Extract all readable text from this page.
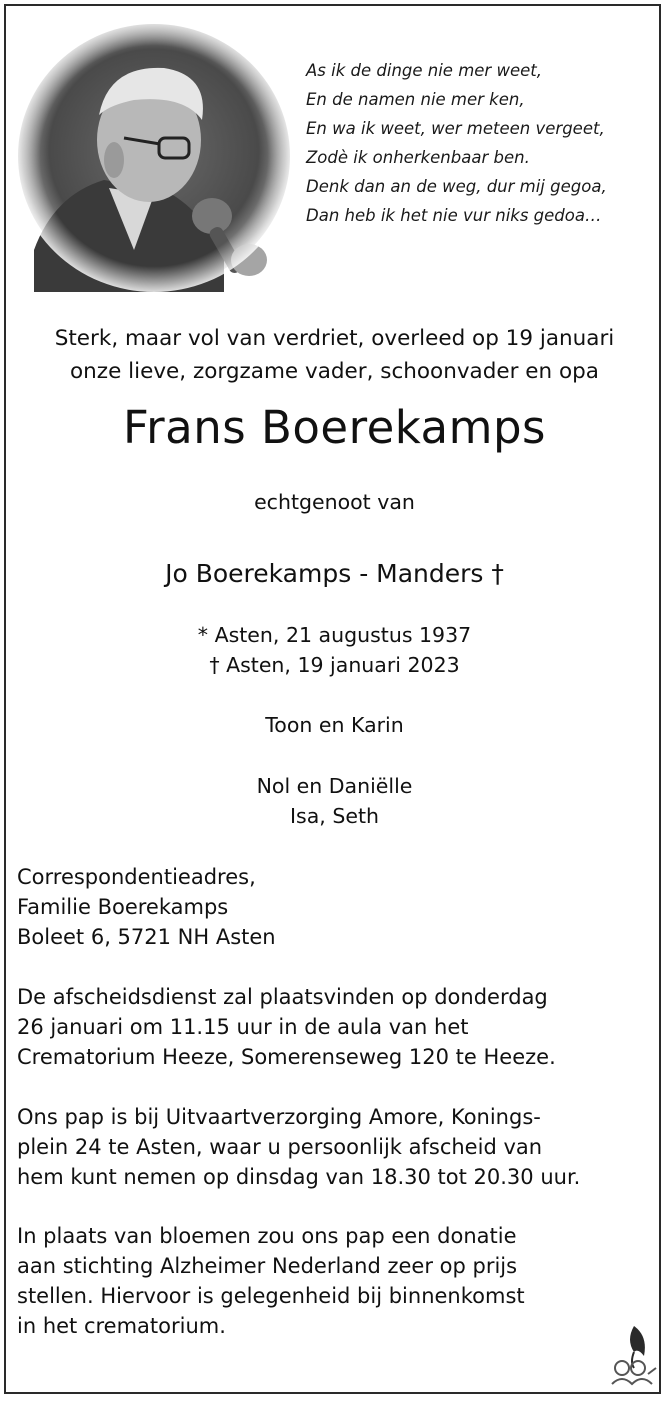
As ik de dinge nie mer weet,
En de namen nie mer ken,
En wa ik weet, wer meteen vergeet,
Zodè ik onherkenbaar ben.
Denk dan an de weg, dur mij gegoa,
Dan heb ik het nie vur niks gedoa…
Sterk, maar vol van verdriet, overleed op 19 januari
onze lieve, zorgzame vader, schoonvader en opa
Frans Boerekamps
echtgenoot van
Jo Boerekamps - Manders †
* Asten, 21 augustus 1937
† Asten, 19 januari 2023
Toon en Karin
Nol en Daniëlle
Isa, Seth
Correspondentieadres,
Familie Boerekamps
Boleet 6, 5721 NH Asten
De afscheidsdienst zal plaatsvinden op donderdag
26 januari om 11.15 uur in de aula van het
Crematorium Heeze, Somerenseweg 120 te Heeze.
Ons pap is bij Uitvaartverzorging Amore, Konings-
plein 24 te Asten, waar u persoonlijk afscheid van
hem kunt nemen op dinsdag van 18.30 tot 20.30 uur.
In plaats van bloemen zou ons pap een donatie
aan stichting Alzheimer Nederland zeer op prijs
stellen. Hiervoor is gelegenheid bij binnenkomst
in het crematorium.
